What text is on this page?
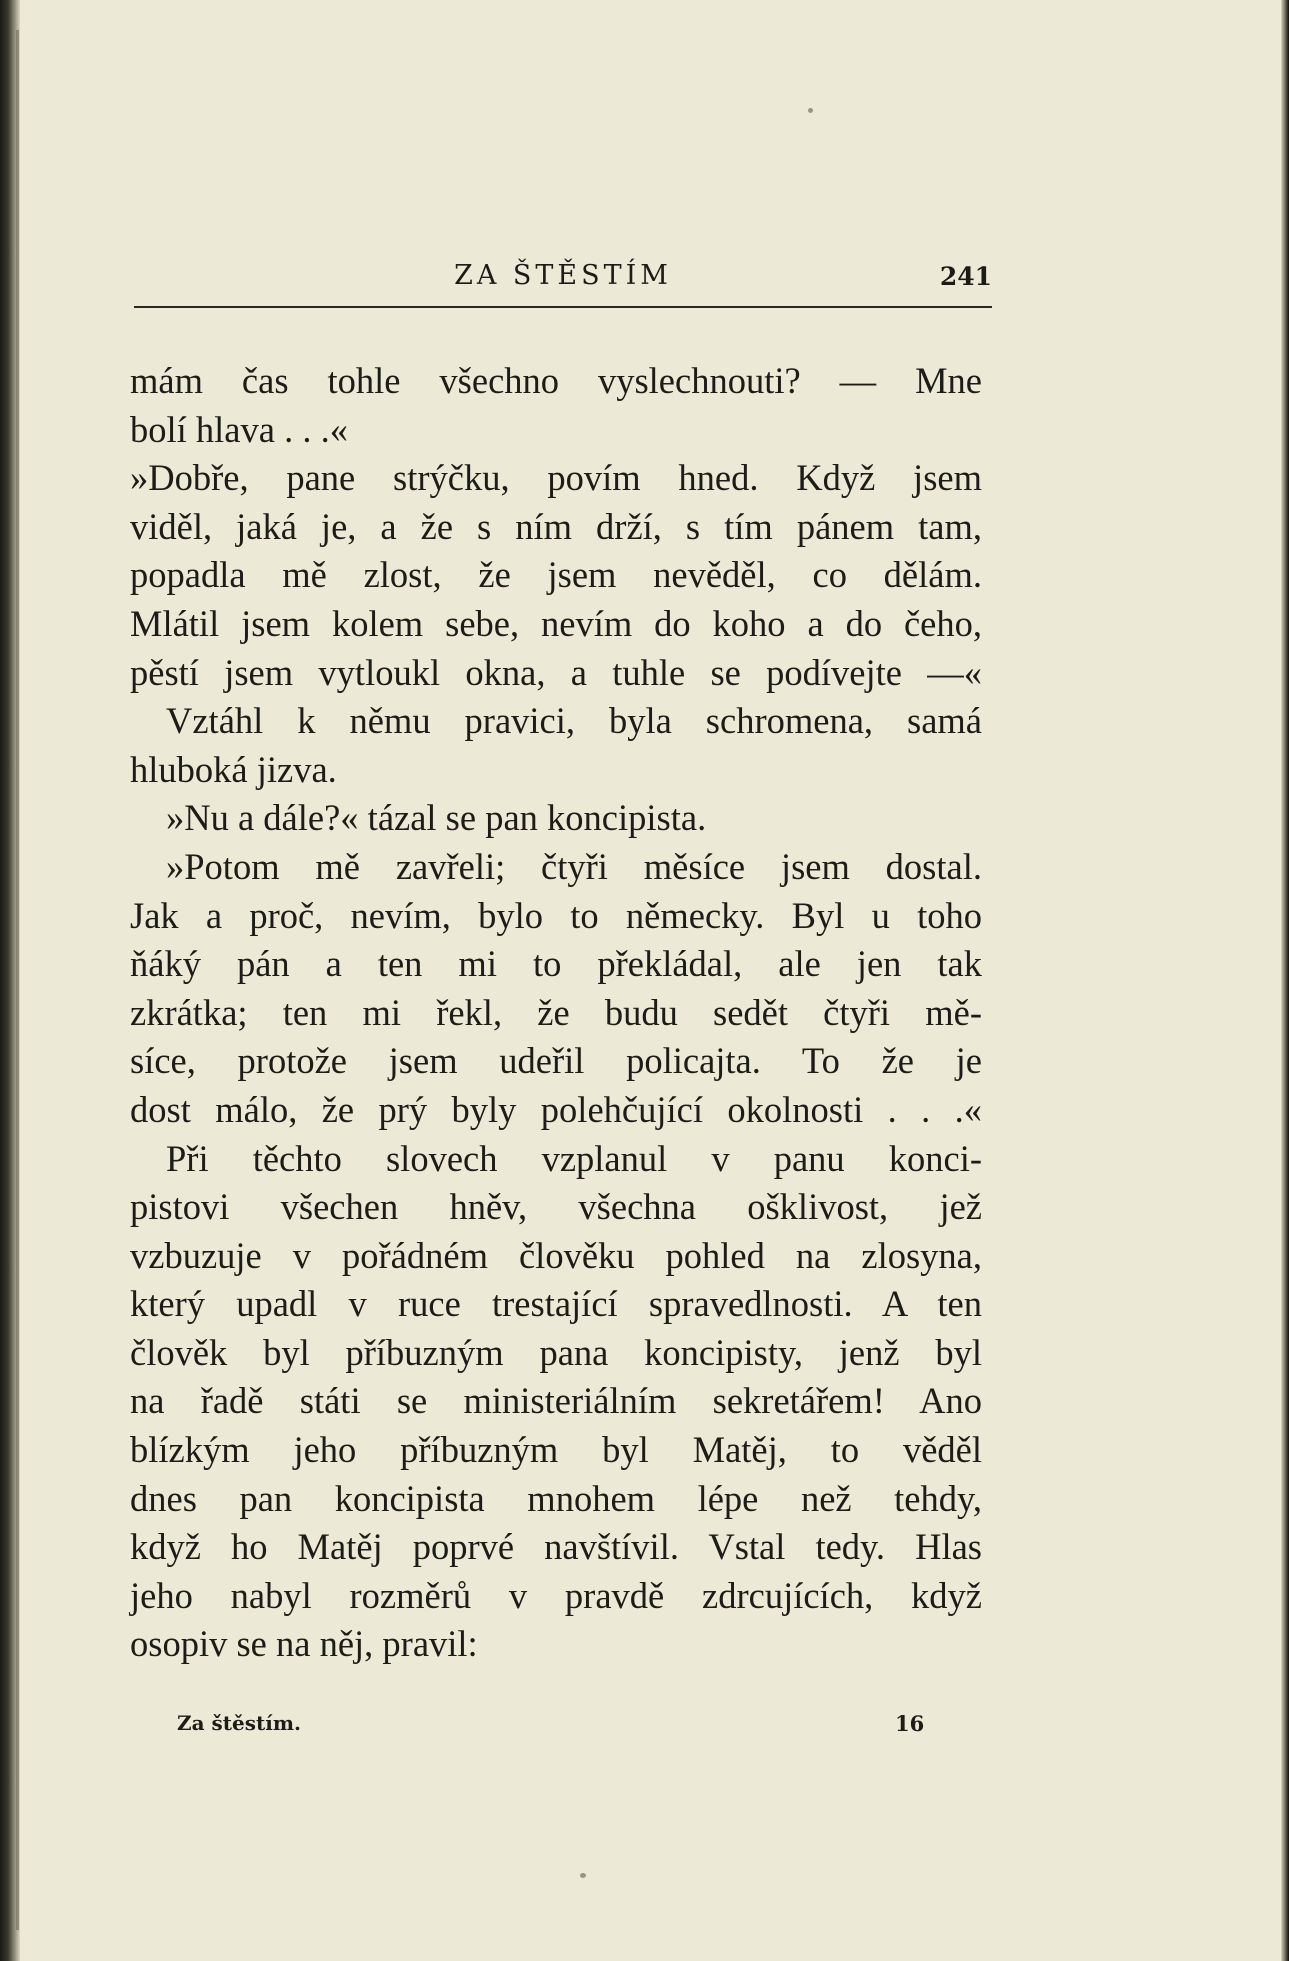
ZA ŠTĚSTÍM	241
mám čas tohle všechno vyslechnouti? — Mne
bolí hlava . . .«
»Dobře, pane strýčku, povím hned. Když jsem
viděl, jaká je, a že s ním drží, s tím pánem tam,
popadla mě zlost, že jsem nevěděl, co dělám.
Mlátil jsem kolem sebe, nevím do koho a do čeho,
pěstí jsem vytloukl okna, a tuhle se podívejte —«
Vztáhl k němu pravici, byla schromena, samá
hluboká jizva.
»Nu a dále?« tázal se pan koncipista.
»Potom mě zavřeli; čtyři měsíce jsem dostal.
Jak a proč, nevím, bylo to německy. Byl u toho
ňáký pán a ten mi to překládal, ale jen tak
zkrátka; ten mi řekl, že budu sedět čtyři mě-
síce, protože jsem udeřil policajta. To že je
dost málo, že prý byly polehčující okolnosti . . .«
Při těchto slovech vzplanul v panu konci-
pistovi všechen hněv, všechna ošklivost, jež
vzbuzuje v pořádném člověku pohled na zlosyna,
který upadl v ruce trestající spravedlnosti. A ten
člověk byl příbuzným pana koncipisty, jenž byl
na řadě státi se ministeriálním sekretářem! Ano
blízkým jeho příbuzným byl Matěj, to věděl
dnes pan koncipista mnohem lépe než tehdy,
když ho Matěj poprvé navštívil. Vstal tedy. Hlas
jeho nabyl rozměrů v pravdě zdrcujících, když
osopiv se na něj, pravil:
Za štěstím.	16
